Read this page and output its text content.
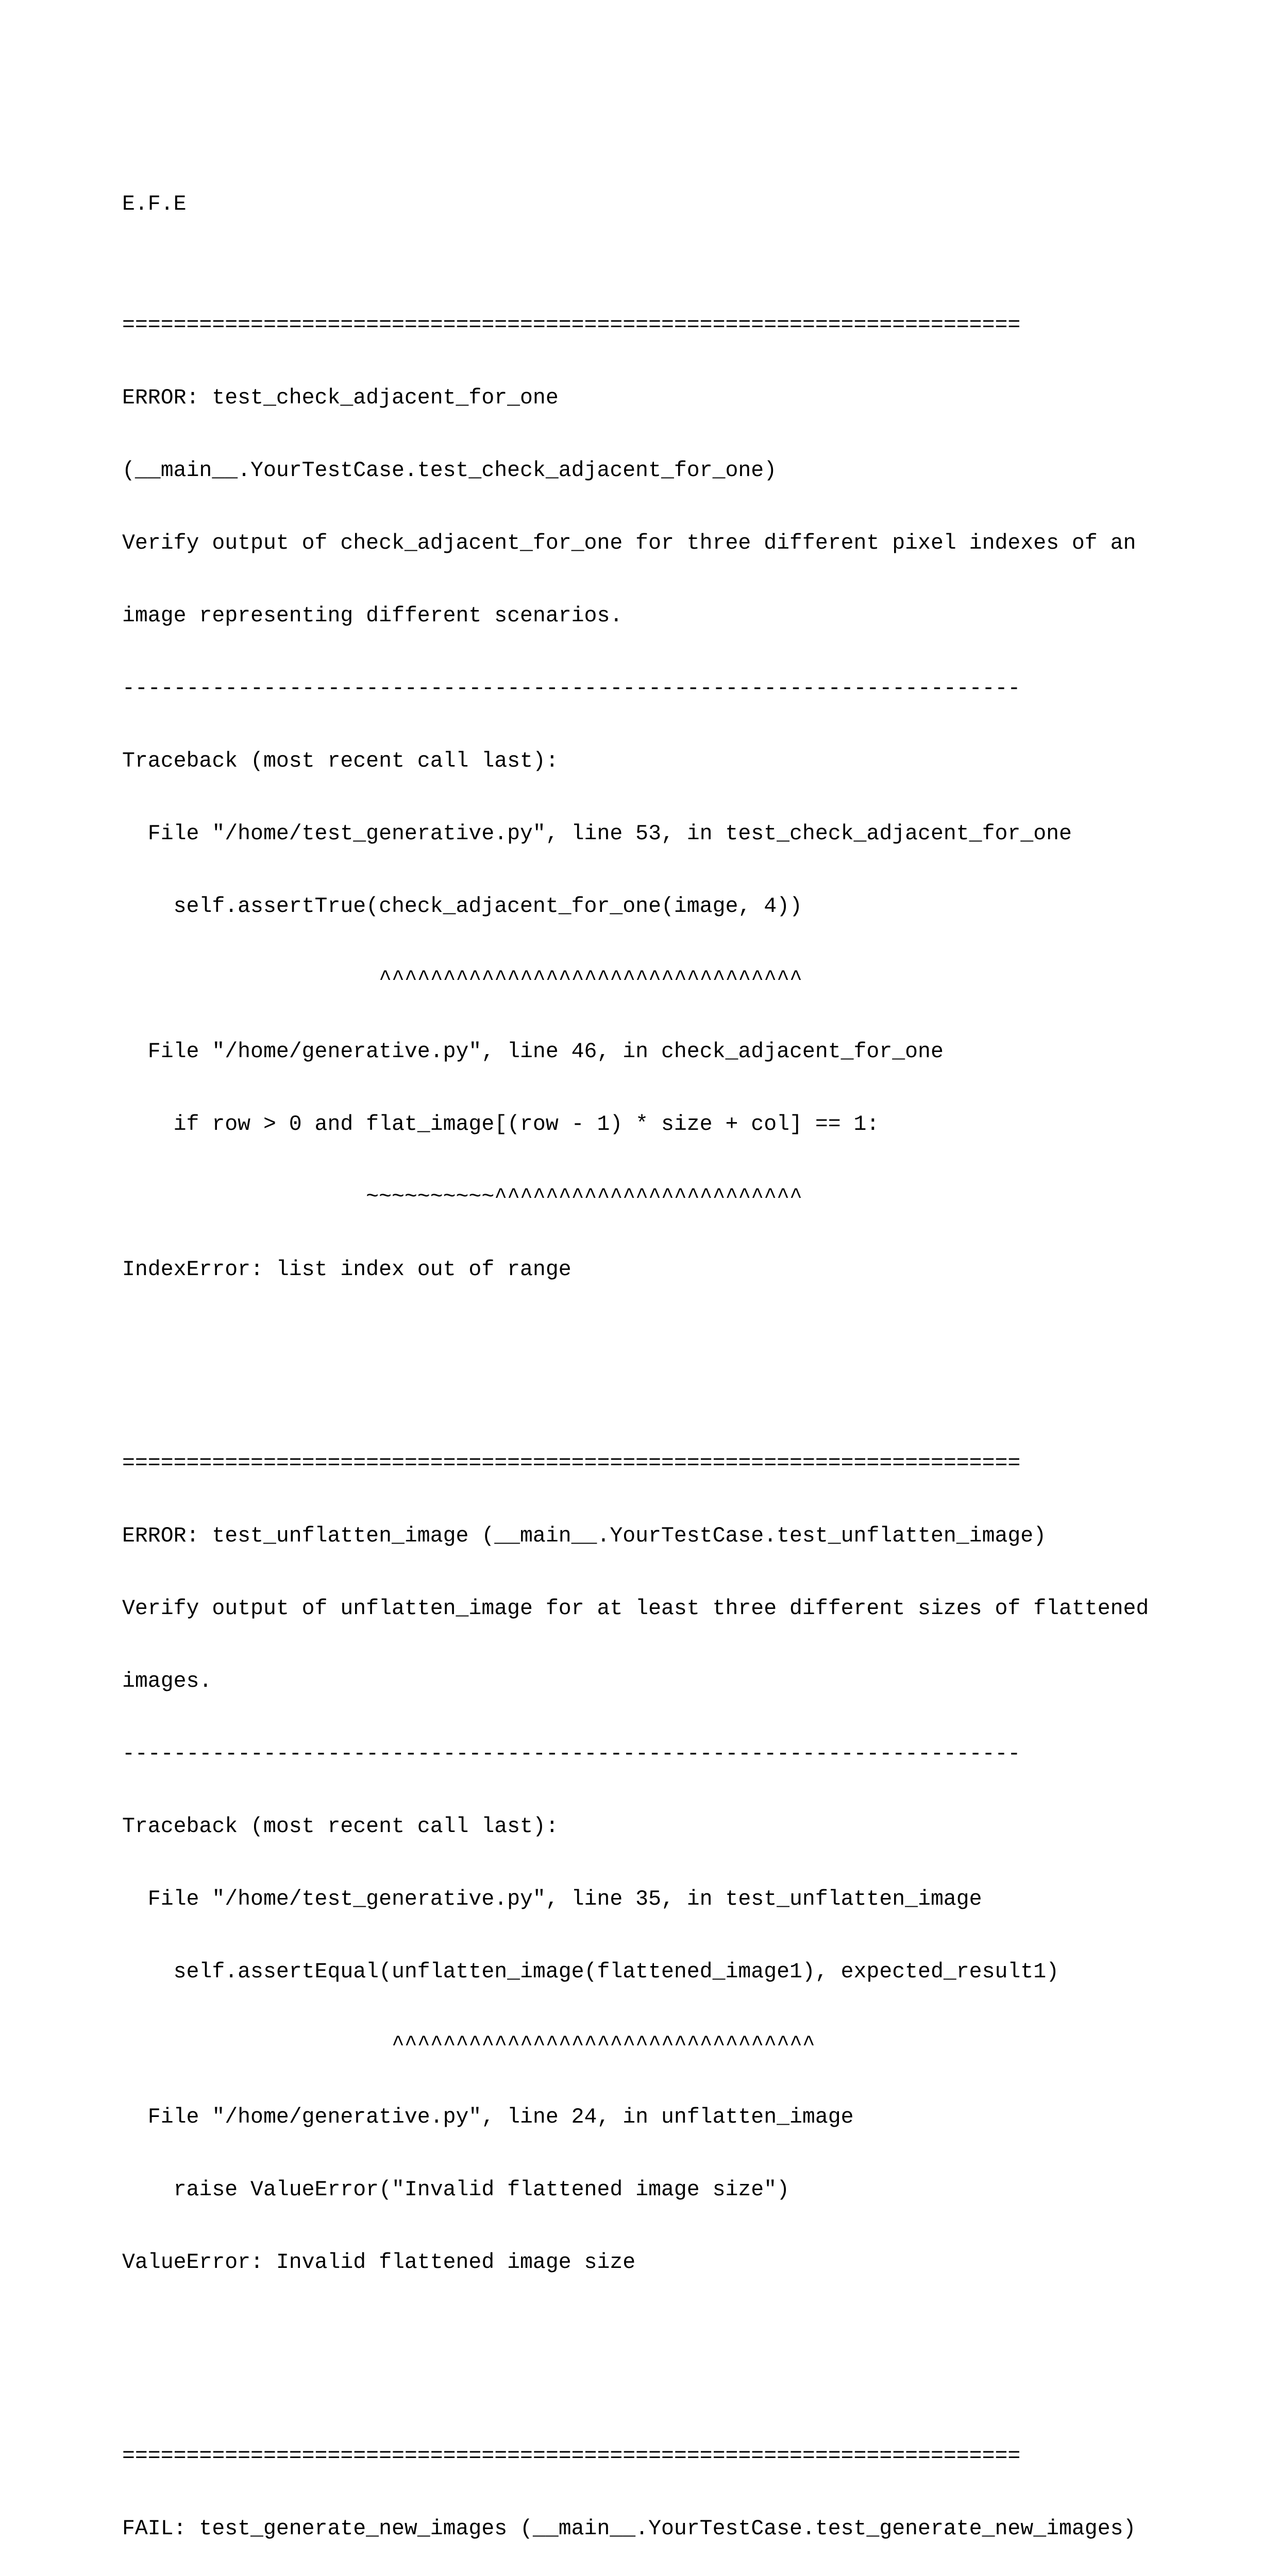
E.F.E

======================================================================

ERROR: test_check_adjacent_for_one

(__main__.YourTestCase.test_check_adjacent_for_one)

Verify output of check_adjacent_for_one for three different pixel indexes of an

image representing different scenarios.

----------------------------------------------------------------------

Traceback (most recent call last):

File "/home/test_generative.py", line 53, in test_check_adjacent_for_one

self.assertTrue(check_adjacent_for_one(image, 4))

^^^^^^^^^^^^^^^^^^^^^^^^^^^^^^^^^

File "/home/generative.py", line 46, in check_adjacent_for_one

if row > 0 and flat_image[(row - 1) * size + col] == 1:

~~~~~~~~~~^^^^^^^^^^^^^^^^^^^^^^^^

IndexError: list index out of range

======================================================================

ERROR: test_unflatten_image (__main__.YourTestCase.test_unflatten_image)

Verify output of unflatten_image for at least three different sizes of flattened

images.

----------------------------------------------------------------------

Traceback (most recent call last):

File "/home/test_generative.py", line 35, in test_unflatten_image

self.assertEqual(unflatten_image(flattened_image1), expected_result1)

^^^^^^^^^^^^^^^^^^^^^^^^^^^^^^^^^

File "/home/generative.py", line 24, in unflatten_image

raise ValueError("Invalid flattened image size")

ValueError: Invalid flattened image size

======================================================================

FAIL: test_generate_new_images (__main__.YourTestCase.test_generate_new_images)
